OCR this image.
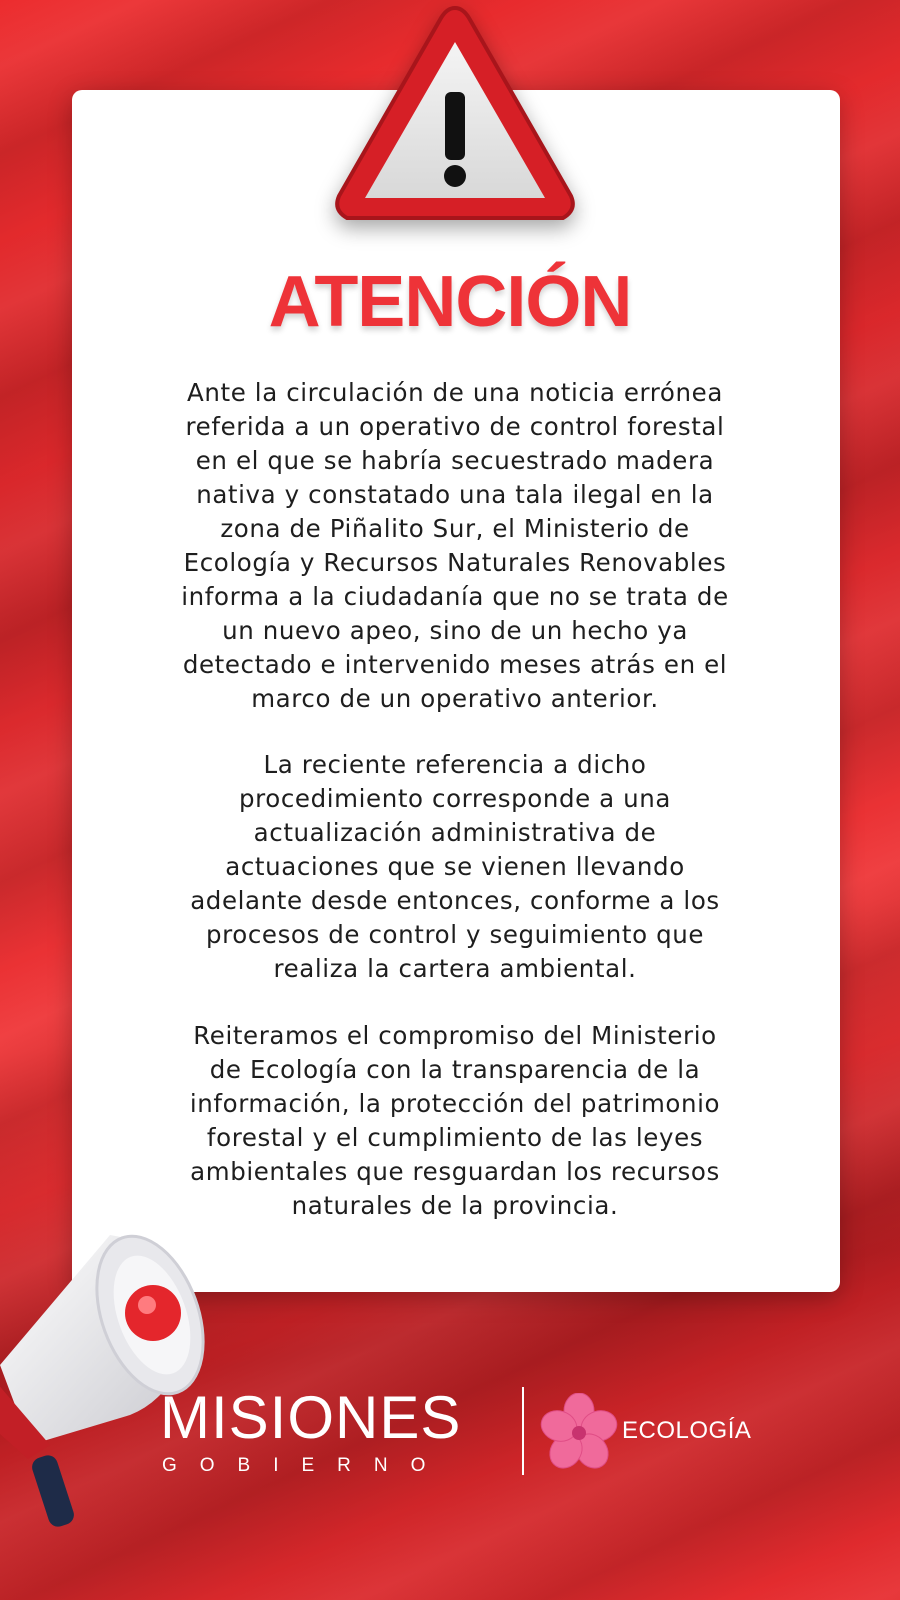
ATENCIÓN

Ante la circulación de una noticia errónea
referida a un operativo de control forestal
en el que se habría secuestrado madera
nativa y constatado una tala ilegal en la
zona de Piñalito Sur, el Ministerio de
Ecología y Recursos Naturales Renovables
informa a la ciudadanía que no se trata de
un nuevo apeo, sino de un hecho ya
detectado e intervenido meses atrás en el
marco de un operativo anterior.

La reciente referencia a dicho
procedimiento corresponde a una
actualización administrativa de
actuaciones que se vienen llevando
adelante desde entonces, conforme a los
procesos de control y seguimiento que
realiza la cartera ambiental.

Reiteramos el compromiso del Ministerio
de Ecología con la transparencia de la
información, la protección del patrimonio
forestal y el cumplimiento de las leyes
ambientales que resguardan los recursos
naturales de la provincia.

MISIONES
GOBIERNO
ECOLOGÍA
